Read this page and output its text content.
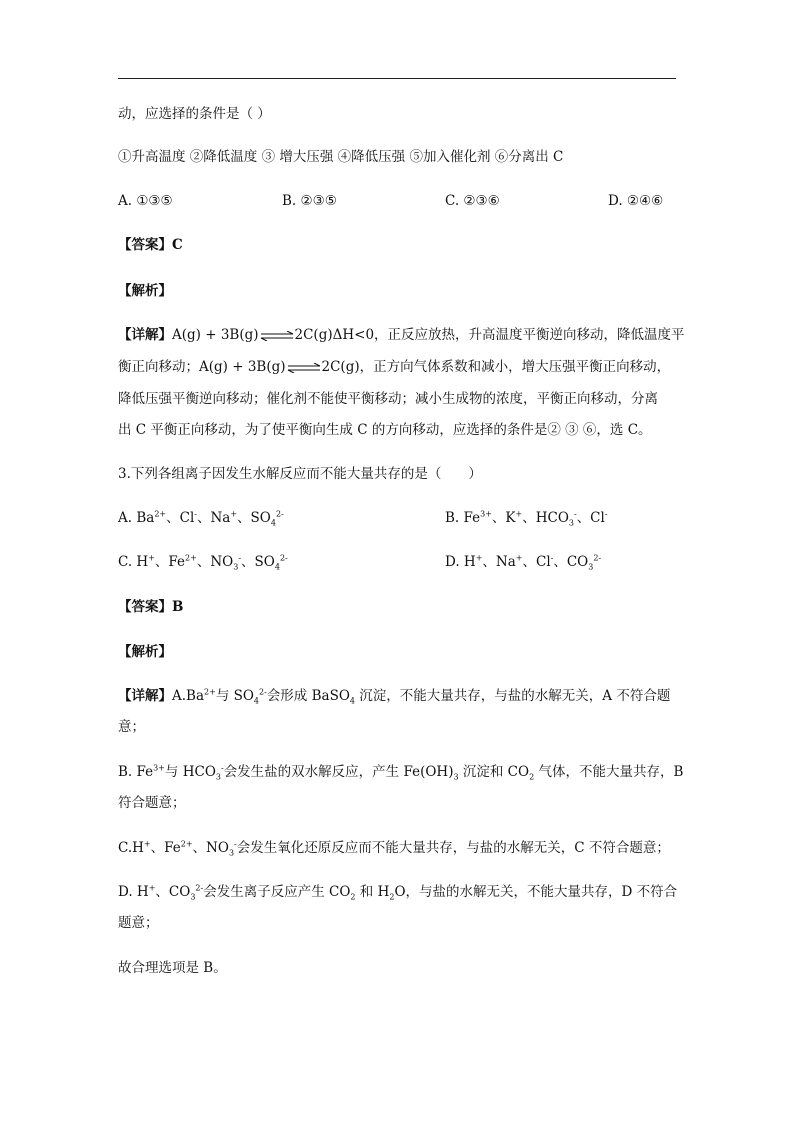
动，应选择的条件是（ ）
①升高温度 ②降低温度 ③ 增大压强 ④降低压强 ⑤加入催化剂 ⑥分离出 C
A. ①③⑤	B. ②③⑤	C. ②③⑥	D. ②④⑥
【答案】C
【解析】
【详解】A(g) + 3B(g)⇌2C(g)ΔH<0，正反应放热，升高温度平衡逆向移动，降低温度平
衡正向移动；A(g) + 3B(g)⇌2C(g)，正方向气体系数和减小，增大压强平衡正向移动，
降低压强平衡逆向移动；催化剂不能使平衡移动；减小生成物的浓度，平衡正向移动，分离
出 C 平衡正向移动，为了使平衡向生成 C 的方向移动，应选择的条件是② ③ ⑥，选 C。
3.下列各组离子因发生水解反应而不能大量共存的是（　　）
A. $Ba^{2+}$、Cl-、Na+、$SO_4^{2-}$	B. $Fe^{3+}$、K+、$HCO_3^-$、Cl-
C. H+、$Fe^{2+}$、$NO_3^-$、$SO_4^{2-}$	D. H+、Na+、Cl-、$CO_3^{2-}$
【答案】B
【解析】
【详解】$A.Ba^{2+}$与 $SO_4^{2-}$会形成 BaSO$_4$ 沉淀，不能大量共存，与盐的水解无关，A 不符合题
意；
B. $Fe^{3+}$与 $HCO_3^-$会发生盐的双水解反应，产生 $Fe(OH)_3$ 沉淀和 $CO_2$ 气体，不能大量共存，B
符合题意；
C.H+、$Fe^{2+}$、$NO_3^-$会发生氧化还原反应而不能大量共存，与盐的水解无关，C 不符合题意；
D. H+、$CO_3^{2-}$会发生离子反应产生 $CO_2$ 和 $H_2O$，与盐的水解无关，不能大量共存，D 不符合
题意；
故合理选项是 B。
